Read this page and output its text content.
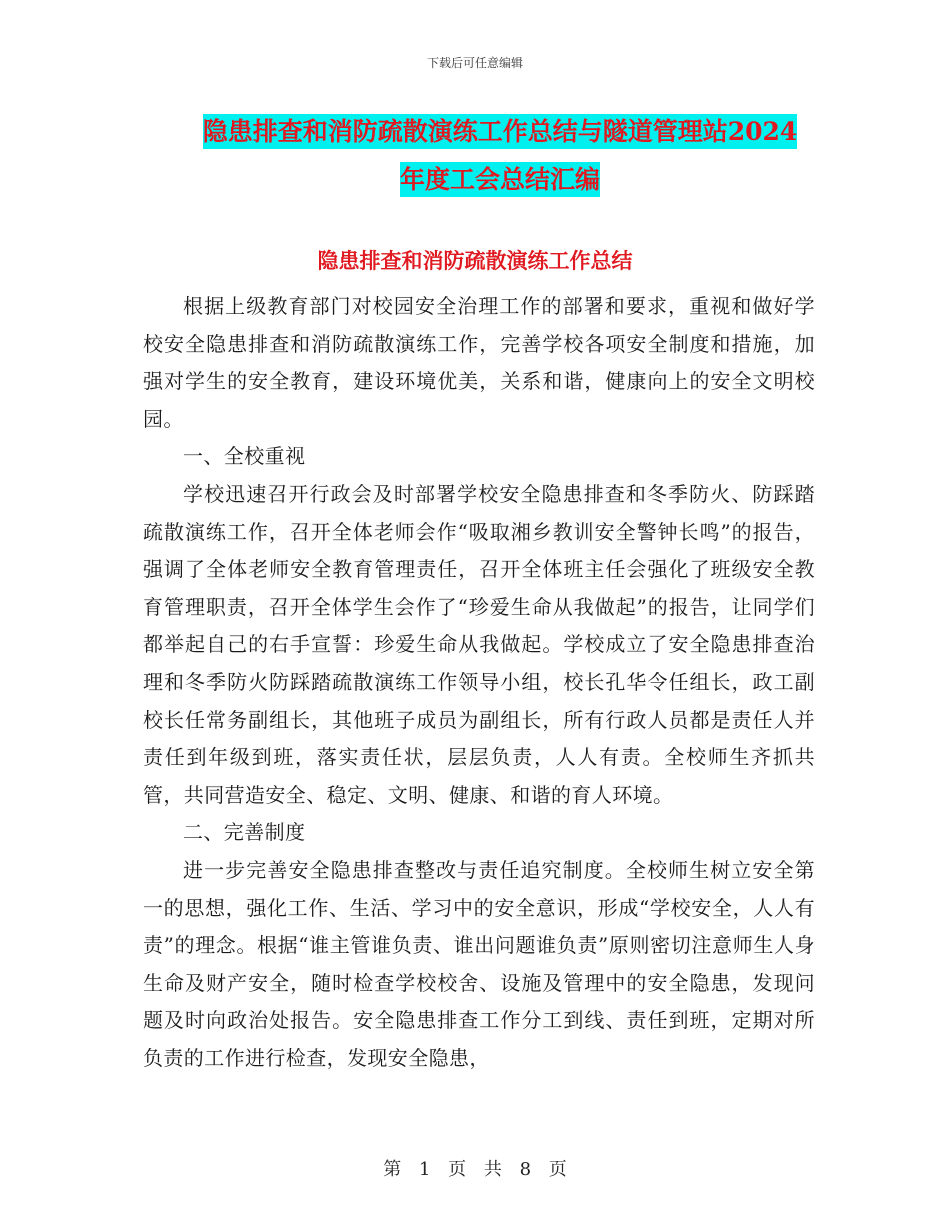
下载后可任意编辑
隐患排查和消防疏散演练工作总结与隧道管理站2024
年度工会总结汇编
隐患排查和消防疏散演练工作总结

根据上级教育部门对校园安全治理工作的部署和要求，重视和做好学校安全隐患排查和消防疏散演练工作，完善学校各项安全制度和措施，加强对学生的安全教育，建设环境优美，关系和谐，健康向上的安全文明校园。

一、全校重视

学校迅速召开行政会及时部署学校安全隐患排查和冬季防火、防踩踏疏散演练工作，召开全体老师会作“吸取湘乡教训安全警钟长鸣”的报告，强调了全体老师安全教育管理责任，召开全体班主任会强化了班级安全教育管理职责，召开全体学生会作了“珍爱生命从我做起”的报告，让同学们都举起自己的右手宣誓：珍爱生命从我做起。学校成立了安全隐患排查治理和冬季防火防踩踏疏散演练工作领导小组，校长孔华令任组长，政工副校长任常务副组长，其他班子成员为副组长，所有行政人员都是责任人并责任到年级到班，落实责任状，层层负责，人人有责。全校师生齐抓共管，共同营造安全、稳定、文明、健康、和谐的育人环境。

二、完善制度

进一步完善安全隐患排查整改与责任追究制度。全校师生树立安全第一的思想，强化工作、生活、学习中的安全意识，形成“学校安全，人人有责”的理念。根据“谁主管谁负责、谁出问题谁负责”原则密切注意师生人身生命及财产安全，随时检查学校校舍、设施及管理中的安全隐患，发现问题及时向政治处报告。安全隐患排查工作分工到线、责任到班，定期对所负责的工作进行检查，发现安全隐患，

第 1 页 共 8 页
